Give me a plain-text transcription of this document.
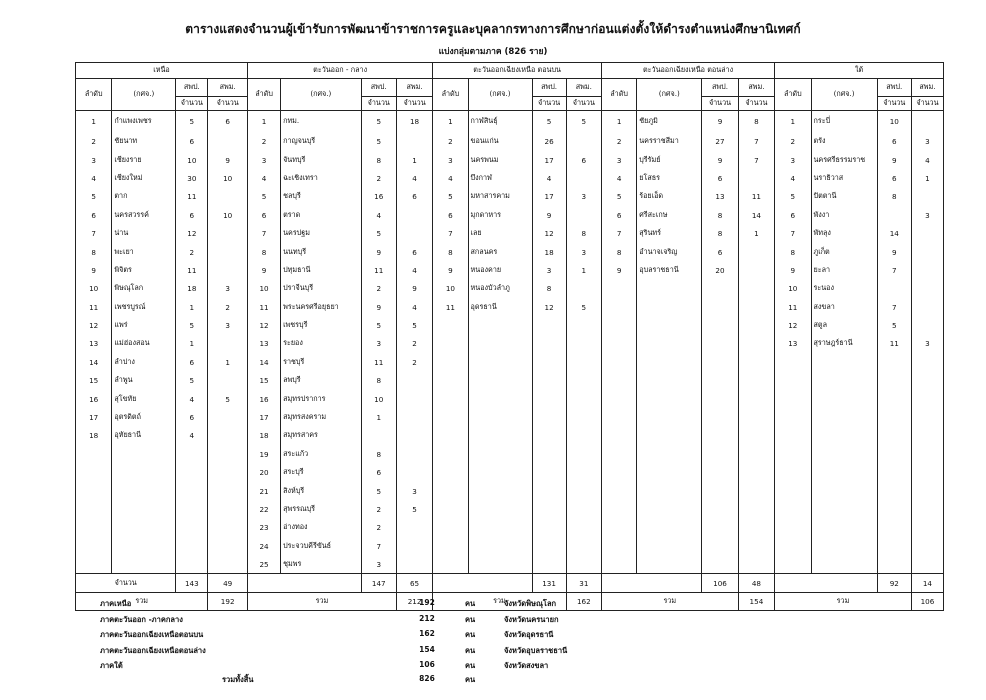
ตารางแสดงจำนวนผู้เข้ารับการพัฒนาข้าราชการครูและบุคลากรทางการศึกษาก่อนแต่งตั้งให้ดำรงตำแหน่งศึกษานิเทศก์
แบ่งกลุ่มตามภาค (826 ราย)
เหนือ				ตะวันออก - กลาง				ตะวันออกเฉียงเหนือ ตอนบน				ตะวันออกเฉียงเหนือ ตอนล่าง				ใต้			
ลำดับ	(กศจ.)	สพป.	สพม.	ลำดับ	(กศจ.)	สพป.	สพม.	ลำดับ	(กศจ.)	สพป.	สพม.	ลำดับ	(กศจ.)	สพป.	สพม.	ลำดับ	(กศจ.)	สพป.	สพม.
		จำนวน	จำนวน			จำนวน	จำนวน			จำนวน	จำนวน			จำนวน	จำนวน			จำนวน	จำนวน
1	กำแพงเพชร	5	6	1	กทม.	5	18	1	กาฬสินธุ์	5	5	1	ชัยภูมิ	9	8	1	กระบี่	10	
2	ชัยนาท	6		2	กาญจนบุรี	5		2	ขอนแก่น	26		2	นครราชสีมา	27	7	2	ตรัง	6	3
3	เชียงราย	10	9	3	จันทบุรี	8	1	3	นครพนม	17	6	3	บุรีรัมย์	9	7	3	นครศรีธรรมราช	9	4
4	เชียงใหม่	30	10	4	ฉะเชิงเทรา	2	4	4	บึงกาฬ	4		4	ยโสธร	6		4	นราธิวาส	6	1
5	ตาก	11		5	ชลบุรี	16	6	5	มหาสารคาม	17	3	5	ร้อยเอ็ด	13	11	5	ปัตตานี	8	
6	นครสวรรค์	6	10	6	ตราด	4		6	มุกดาหาร	9		6	ศรีสะเกษ	8	14	6	พังงา		3
7	น่าน	12		7	นครปฐม	5		7	เลย	12	8	7	สุรินทร์	8	1	7	พัทลุง	14	
8	พะเยา	2		8	นนทบุรี	9	6	8	สกลนคร	18	3	8	อำนาจเจริญ	6		8	ภูเก็ต	9	
9	พิจิตร	11		9	ปทุมธานี	11	4	9	หนองคาย	3	1	9	อุบลราชธานี	20		9	ยะลา	7	
10	พิษณุโลก	18	3	10	ปราจีนบุรี	2	9	10	หนองบัวลำภู	8						10	ระนอง		
11	เพชรบูรณ์	1	2	11	พระนครศรีอยุธยา	9	4	11	อุดรธานี	12	5					11	สงขลา	7	
12	แพร่	5	3	12	เพชรบุรี	5	5									12	สตูล	5	
13	แม่ฮ่องสอน	1		13	ระยอง	3	2									13	สุราษฎร์ธานี	11	3
14	ลำปาง	6	1	14	ราชบุรี	11	2												
15	ลำพูน	5		15	ลพบุรี	8													
16	สุโขทัย	4	5	16	สมุทรปราการ	10													
17	อุตรดิตถ์	6		17	สมุทรสงคราม	1													
18	อุทัยธานี	4		18	สมุทรสาคร														
				19	สระแก้ว	8													
				20	สระบุรี	6													
				21	สิงห์บุรี	5	3												
				22	สุพรรณบุรี	2	5												
				23	อ่างทอง	2													
				24	ประจวบคีรีขันธ์	7													
				25	ชุมพร	3													
จำนวน		143	49			147	65			131	31			106	48			92	14
รวม			192	รวม			212	รวม			162	รวม			154	รวม			106
ภาคเหนือ	192	คน	จังหวัดพิษณุโลก
ภาคตะวันออก -ภาคกลาง	212	คน	จังหวัดนครนายก
ภาคตะวันออกเฉียงเหนือตอนบน	162	คน	จังหวัดอุดรธานี
ภาคตะวันออกเฉียงเหนือตอนล่าง	154	คน	จังหวัดอุบลราชธานี
ภาคใต้	106	คน	จังหวัดสงขลา
รวมทั้งสิ้น	826	คน
